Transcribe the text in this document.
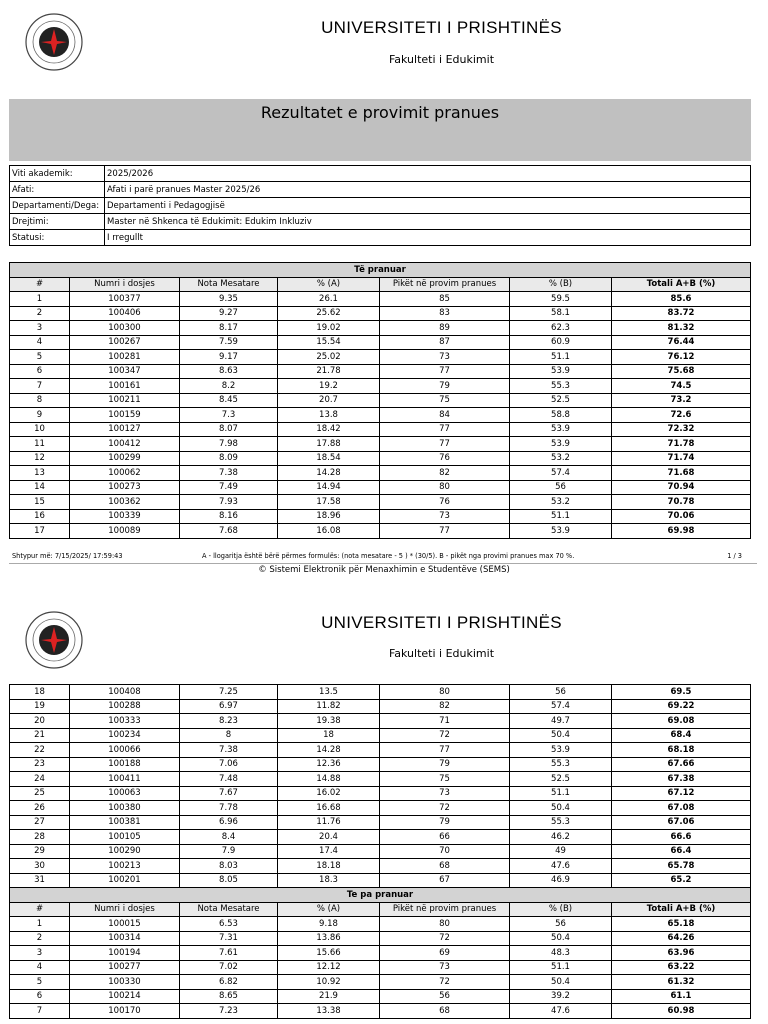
UNIVERSITETI I PRISHTINËS
Fakulteti i Edukimit
Rezultatet e provimit pranues
Viti akademik:	2025/2026
Afati:	Afati i parë pranues Master 2025/26
Departamenti/Dega:	Departamenti i Pedagogjisë
Drejtimi:	Master në Shkenca të Edukimit: Edukim Inkluziv
Statusi:	I rregullt
Të pranuar						
#	Numri i dosjes	Nota Mesatare	% (A)	Pikët në provim pranues	% (B)	Totali A+B (%)
1	100377	9.35	26.1	85	59.5	85.6
2	100406	9.27	25.62	83	58.1	83.72
3	100300	8.17	19.02	89	62.3	81.32
4	100267	7.59	15.54	87	60.9	76.44
5	100281	9.17	25.02	73	51.1	76.12
6	100347	8.63	21.78	77	53.9	75.68
7	100161	8.2	19.2	79	55.3	74.5
8	100211	8.45	20.7	75	52.5	73.2
9	100159	7.3	13.8	84	58.8	72.6
10	100127	8.07	18.42	77	53.9	72.32
11	100412	7.98	17.88	77	53.9	71.78
12	100299	8.09	18.54	76	53.2	71.74
13	100062	7.38	14.28	82	57.4	71.68
14	100273	7.49	14.94	80	56	70.94
15	100362	7.93	17.58	76	53.2	70.78
16	100339	8.16	18.96	73	51.1	70.06
17	100089	7.68	16.08	77	53.9	69.98
Shtypur më: 7/15/2025/ 17:59:43	A - llogaritja është bërë përmes formulës: (nota mesatare - 5 ) * (30/5). B - pikët nga provimi pranues max 70 %.	1 / 3
© Sistemi Elektronik për Menaxhimin e Studentëve (SEMS)
UNIVERSITETI I PRISHTINËS
Fakulteti i Edukimit
18	100408	7.25	13.5	80	56	69.5
19	100288	6.97	11.82	82	57.4	69.22
20	100333	8.23	19.38	71	49.7	69.08
21	100234	8	18	72	50.4	68.4
22	100066	7.38	14.28	77	53.9	68.18
23	100188	7.06	12.36	79	55.3	67.66
24	100411	7.48	14.88	75	52.5	67.38
25	100063	7.67	16.02	73	51.1	67.12
26	100380	7.78	16.68	72	50.4	67.08
27	100381	6.96	11.76	79	55.3	67.06
28	100105	8.4	20.4	66	46.2	66.6
29	100290	7.9	17.4	70	49	66.4
30	100213	8.03	18.18	68	47.6	65.78
31	100201	8.05	18.3	67	46.9	65.2
Te pa pranuar						
#	Numri i dosjes	Nota Mesatare	% (A)	Pikët në provim pranues	% (B)	Totali A+B (%)
1	100015	6.53	9.18	80	56	65.18
2	100314	7.31	13.86	72	50.4	64.26
3	100194	7.61	15.66	69	48.3	63.96
4	100277	7.02	12.12	73	51.1	63.22
5	100330	6.82	10.92	72	50.4	61.32
6	100214	8.65	21.9	56	39.2	61.1
7	100170	7.23	13.38	68	47.6	60.98
